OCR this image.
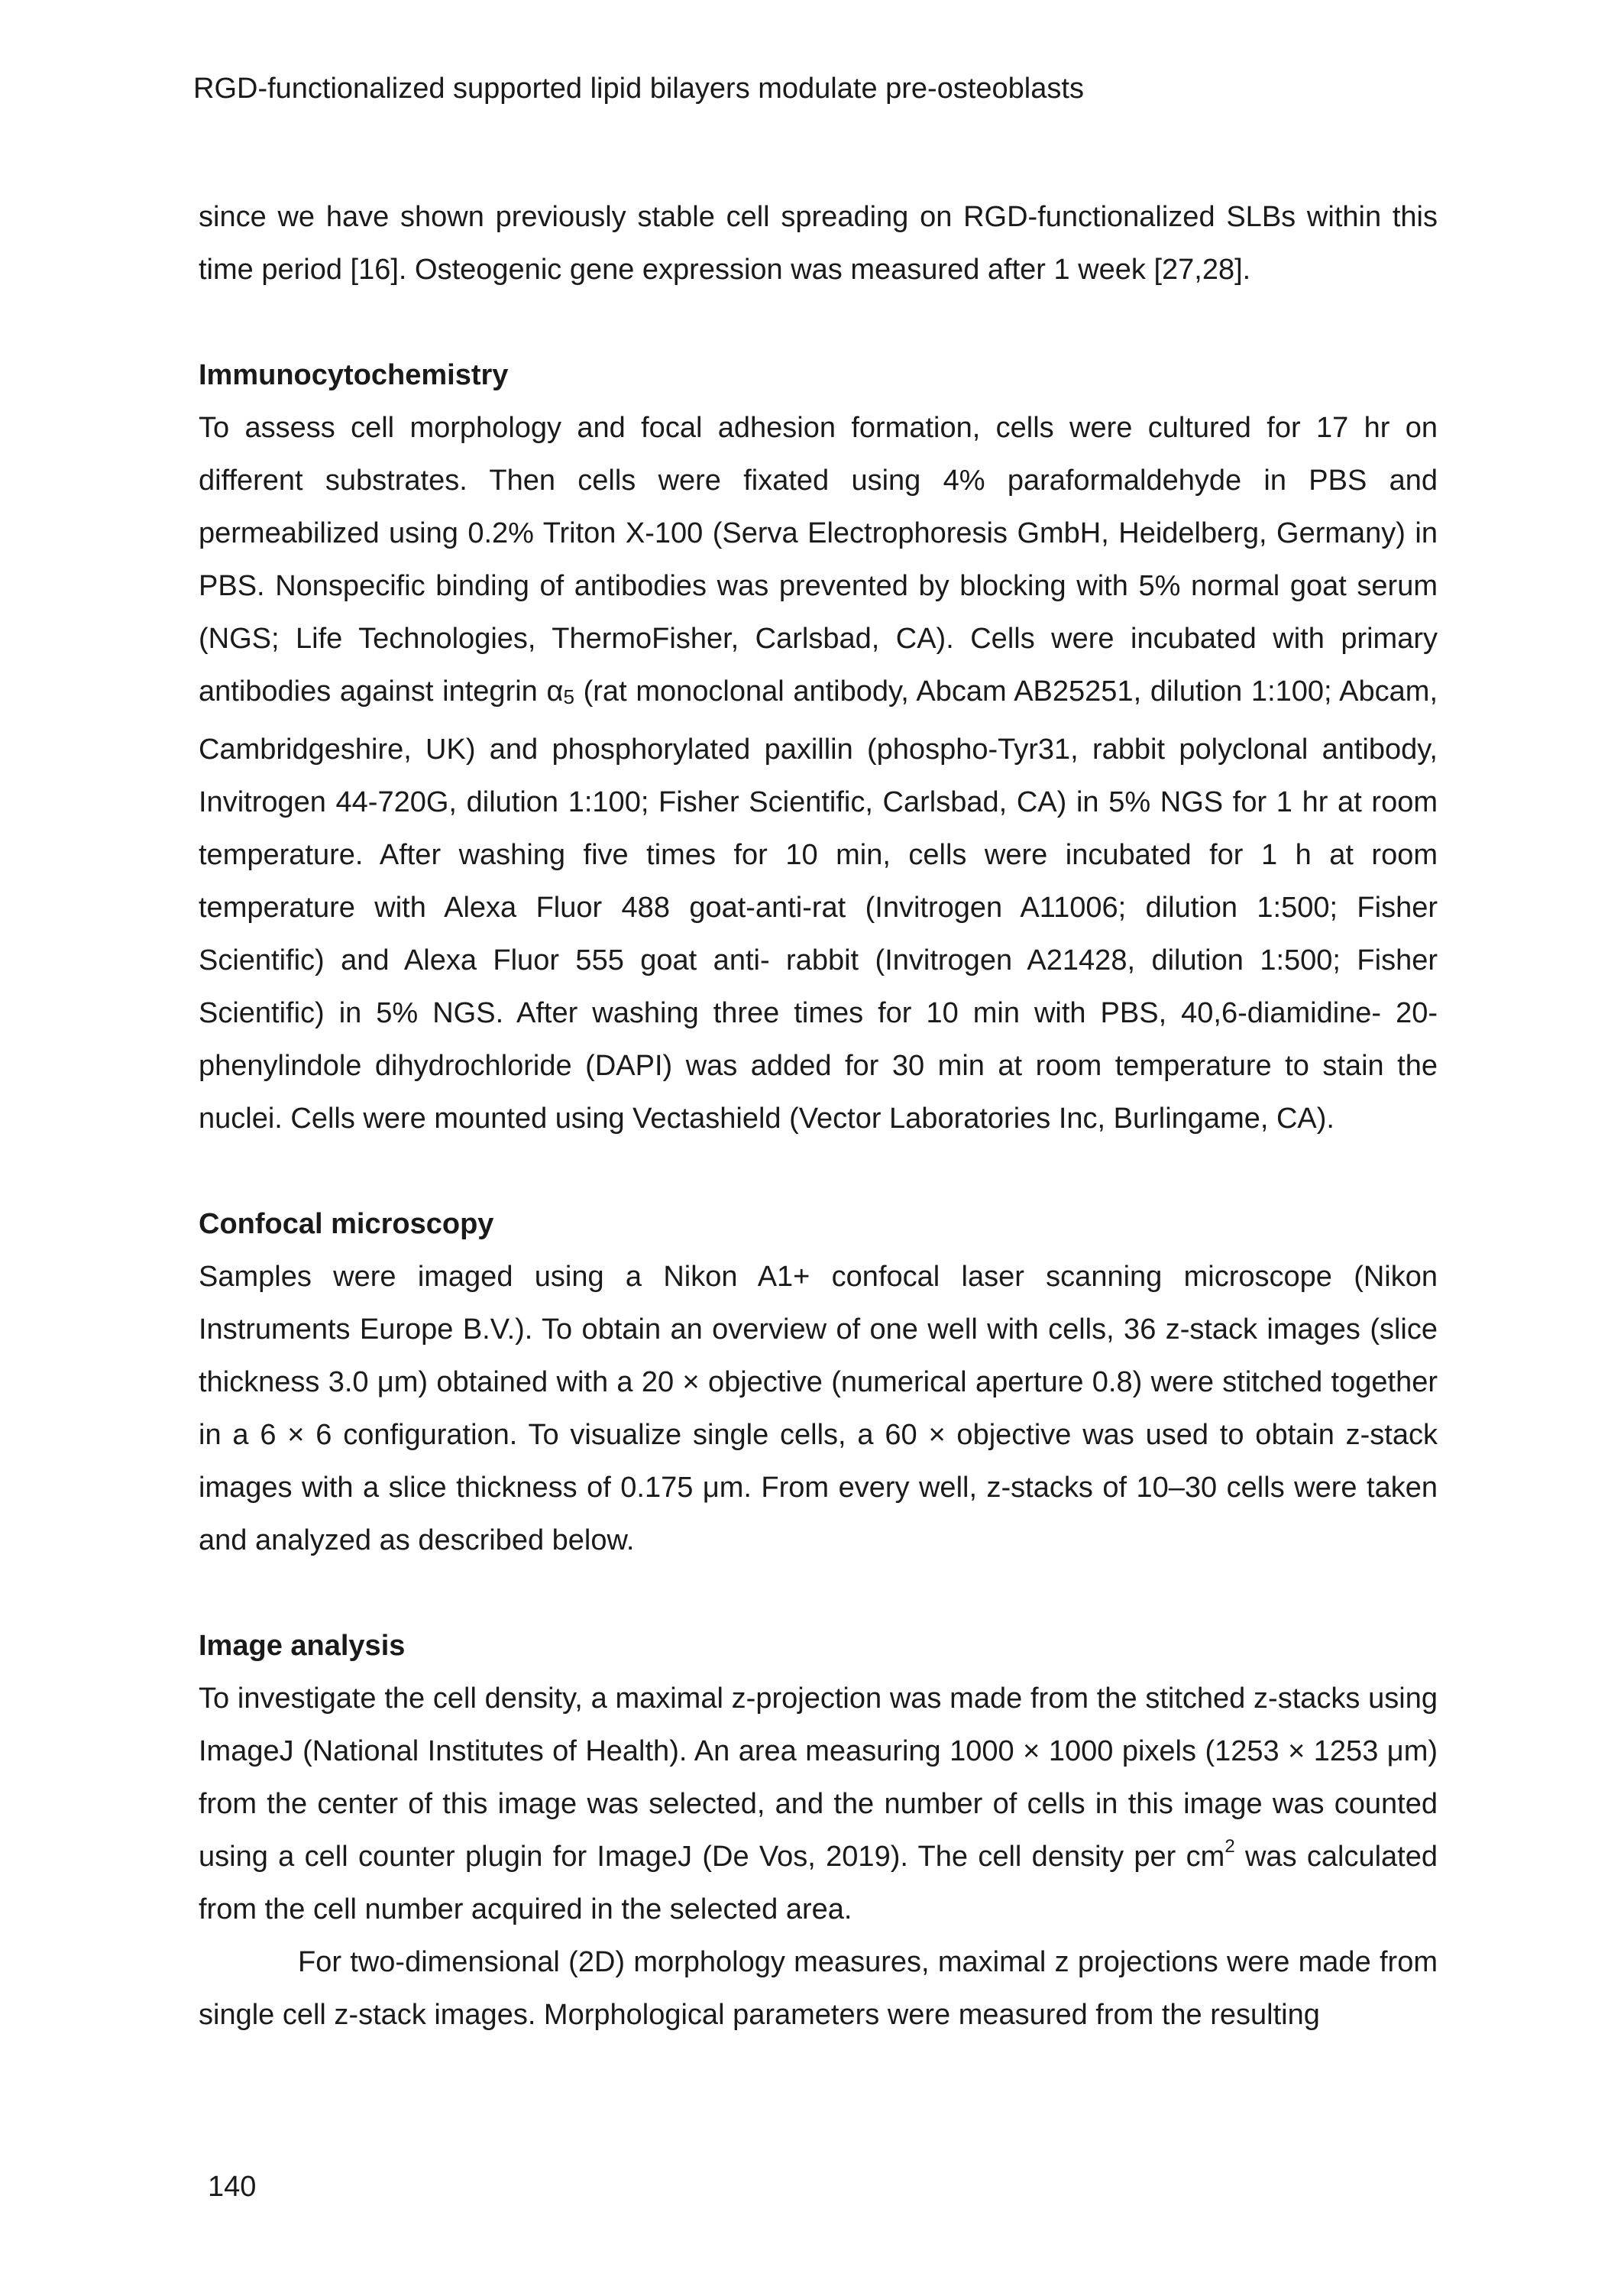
RGD-functionalized supported lipid bilayers modulate pre-osteoblasts

since we have shown previously stable cell spreading on RGD-functionalized SLBs within this time period [16]. Osteogenic gene expression was measured after 1 week [27,28].

Immunocytochemistry

To assess cell morphology and focal adhesion formation, cells were cultured for 17 hr on different substrates. Then cells were fixated using 4% paraformaldehyde in PBS and permeabilized using 0.2% Triton X-100 (Serva Electrophoresis GmbH, Heidelberg, Germany) in PBS. Nonspecific binding of antibodies was prevented by blocking with 5% normal goat serum (NGS; Life Technologies, ThermoFisher, Carlsbad, CA). Cells were incubated with primary antibodies against integrin α5 (rat monoclonal antibody, Abcam AB25251, dilution 1:100; Abcam, Cambridgeshire, UK) and phosphorylated paxillin (phospho-Tyr31, rabbit polyclonal antibody, Invitrogen 44-720G, dilution 1:100; Fisher Scientific, Carlsbad, CA) in 5% NGS for 1 hr at room temperature. After washing five times for 10 min, cells were incubated for 1 h at room temperature with Alexa Fluor 488 goat-anti-rat (Invitrogen A11006; dilution 1:500; Fisher Scientific) and Alexa Fluor 555 goat anti- rabbit (Invitrogen A21428, dilution 1:500; Fisher Scientific) in 5% NGS. After washing three times for 10 min with PBS, 40,6-diamidine- 20-phenylindole dihydrochloride (DAPI) was added for 30 min at room temperature to stain the nuclei. Cells were mounted using Vectashield (Vector Laboratories Inc, Burlingame, CA).

Confocal microscopy

Samples were imaged using a Nikon A1+ confocal laser scanning microscope (Nikon Instruments Europe B.V.). To obtain an overview of one well with cells, 36 z-stack images (slice thickness 3.0 μm) obtained with a 20 × objective (numerical aperture 0.8) were stitched together in a 6 × 6 configuration. To visualize single cells, a 60 × objective was used to obtain z-stack images with a slice thickness of 0.175 μm. From every well, z-stacks of 10–30 cells were taken and analyzed as described below.

Image analysis

To investigate the cell density, a maximal z-projection was made from the stitched z-stacks using ImageJ (National Institutes of Health). An area measuring 1000 × 1000 pixels (1253 × 1253 μm) from the center of this image was selected, and the number of cells in this image was counted using a cell counter plugin for ImageJ (De Vos, 2019). The cell density per $cm^2$ was calculated from the cell number acquired in the selected area.

For two-dimensional (2D) morphology measures, maximal z projections were made from single cell z-stack images. Morphological parameters were measured from the resulting

140
